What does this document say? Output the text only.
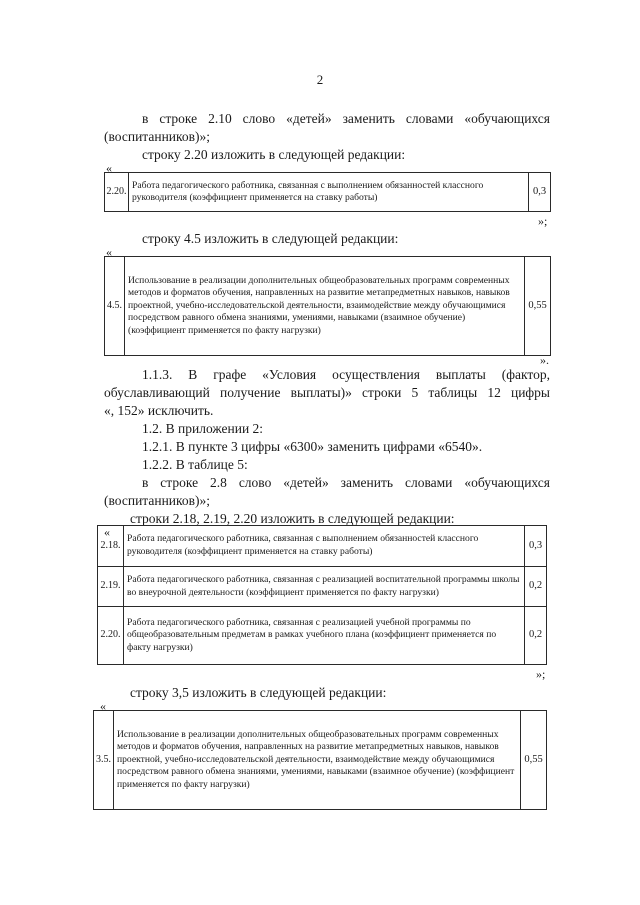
2
в строке 2.10 слово «детей» заменить словами «обучающихся
(воспитанников)»;
строку 2.20 изложить в следующей редакции:
«
2.20.	Работа педагогического работника, связанная с выполнением обязанностей классного руководителя (коэффициент применяется на ставку работы)	0,3
»;
строку 4.5 изложить в следующей редакции:
«
4.5.	Использование в реализации дополнительных общеобразовательных программ современных методов и форматов обучения, направленных на развитие метапредметных навыков, навыков проектной, учебно-исследовательской деятельности, взаимодействие между обучающимися посредством равного обмена знаниями, умениями, навыками (взаимное обучение) (коэффициент применяется по факту нагрузки)	0,55
».
1.1.3. В графе «Условия осуществления выплаты (фактор,
обуславливающий получение выплаты)» строки 5 таблицы 12 цифры
«, 152» исключить.
1.2. В приложении 2:
1.2.1. В пункте 3 цифры «6300» заменить цифрами «6540».
1.2.2. В таблице 5:
в строке 2.8 слово «детей» заменить словами «обучающихся
(воспитанников)»;
строки 2.18, 2.19, 2.20 изложить в следующей редакции:
«
2.18.	Работа педагогического работника, связанная с выполнением обязанностей классного руководителя (коэффициент применяется на ставку работы)	0,3
2.19.	Работа педагогического работника, связанная с реализацией воспитательной программы школы во внеурочной деятельности (коэффициент применяется по факту нагрузки)	0,2
2.20.	Работа педагогического работника, связанная с реализацией учебной программы по общеобразовательным предметам в рамках учебного плана (коэффициент применяется по факту нагрузки)	0,2
»;
строку 3,5 изложить в следующей редакции:
«
3.5.	Использование в реализации дополнительных общеобразовательных программ современных методов и форматов обучения, направленных на развитие метапредметных навыков, навыков проектной, учебно-исследовательской деятельности, взаимодействие между обучающимися посредством равного обмена знаниями, умениями, навыками (взаимное обучение) (коэффициент применяется по факту нагрузки)	0,55
